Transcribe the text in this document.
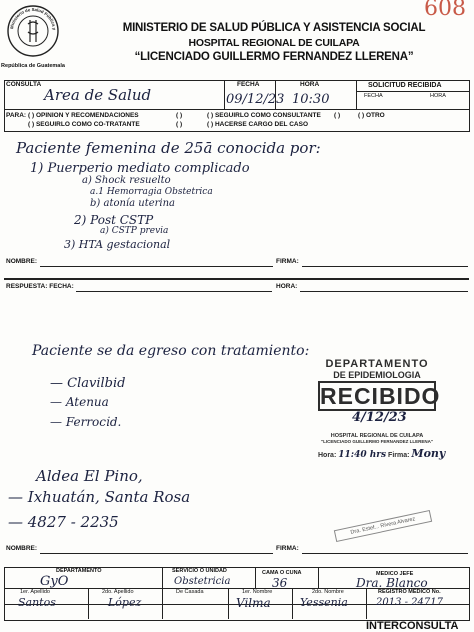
608
Ministerio de Salud Pública y
República de Guatemala
MINISTERIO DE SALUD PÚBLICA Y ASISTENCIA SOCIAL
HOSPITAL REGIONAL DE CUILAPA
“LICENCIADO GUILLERMO FERNANDEZ LLERENA”
CONSULTA
Area de Salud
FECHA
09/12/23
HORA
10:30
SOLICITUD RECIBIDA
FECHA	HORA
PARA: ( ) OPINION Y RECOMENDACIONES
( ) SEGUIRLO COMO CO-TRATANTE
( )
( )
( ) SEGUIRLO COMO CONSULTANTE
( ) HACERSE CARGO DEL CASO
( )	( ) OTRO
Paciente femenina de 25ā conocida por:
1) Puerperio mediato complicado
a) Shock resuelto
a.1 Hemorragia Obstetrica
b) atonía uterina
2) Post CSTP
a) CSTP previa
3) HTA gestacional
NOMBRE:	FIRMA:
RESPUESTA: FECHA:	HORA:
Paciente se da egreso con tratamiento:
— Clavilbid
— Atenua
— Ferroci̇d.
Aldea El Pino,
— Ixhuatán, Santa Rosa
— 4827 - 2235
DEPARTAMENTO
DE EPIDEMIOLOGIA
RECIBIDO
4/12/23
HOSPITAL REGIONAL DE CUILAPA
"LICENCIADO GUILLERMO FERNANDEZ LLERENA"
Hora: 11:40 hrs Firma: Mony
Dra. Estef... Rivera Alvarez
NOMBRE:	FIRMA:
DEPARTAMENTO
GyO
SERVICIO O UNIDAD
Obstetricia
CAMA O CUNA
36
MEDICO JEFE
Dra. Blanco
1er. Apellido
Santos
2do. Apellido
López
De Casada	1er. Nombre
Vilma
2do. Nombre
Yessenia
REGISTRO MÉDICO No.
2013 - 24717
INTERCONSULTA
